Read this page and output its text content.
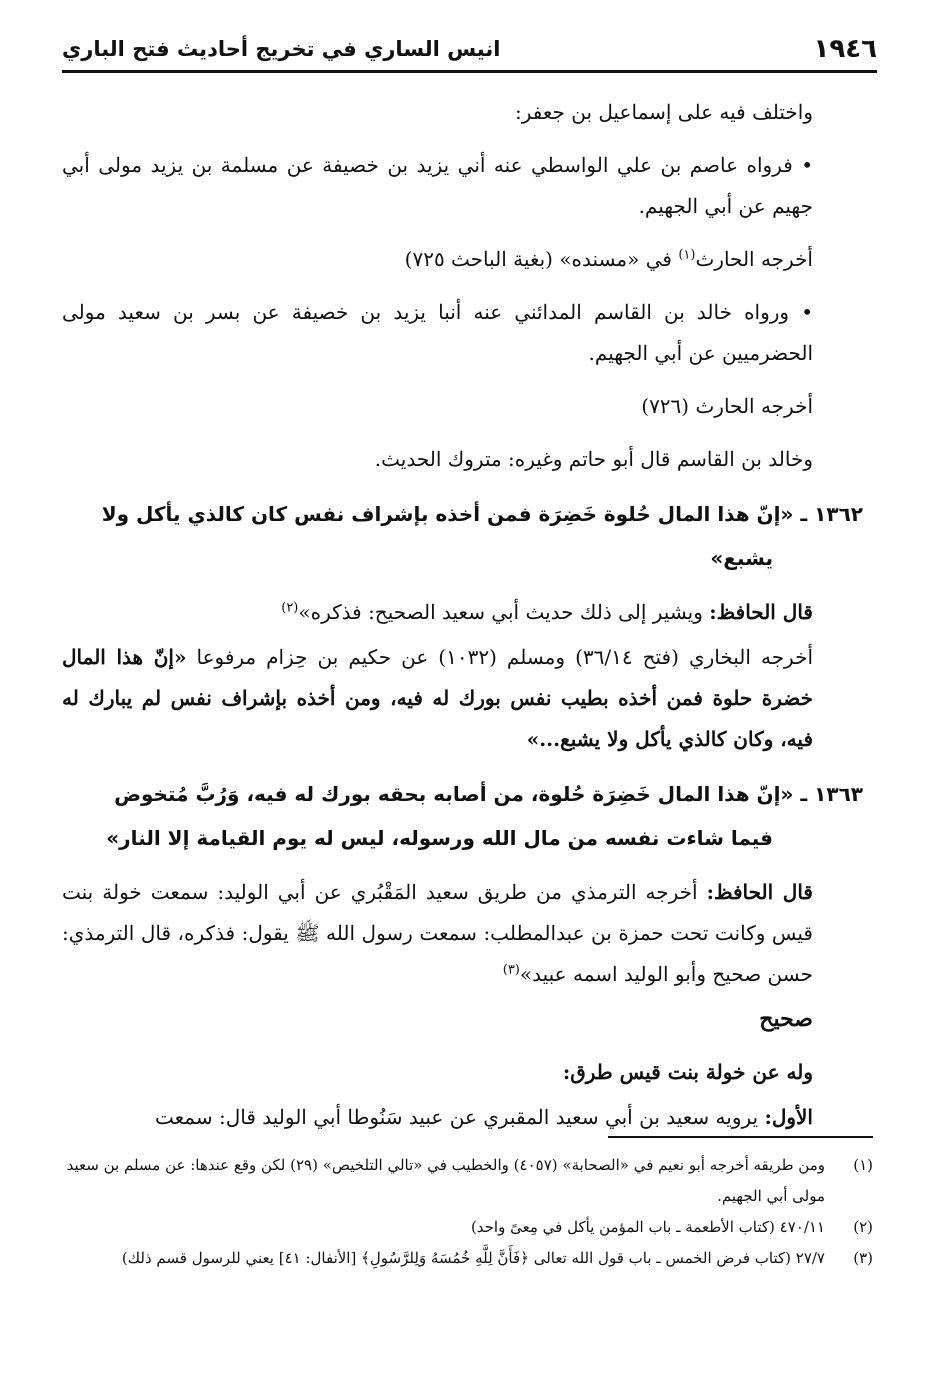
١٩٤٦
انيس الساري في تخريج أحاديث فتح الباري

واختلف فيه على إسماعيل بن جعفر:

• فرواه عاصم بن علي الواسطي عنه أني يزيد بن خصيفة عن مسلمة بن يزيد مولى أبي جهيم عن أبي الجهيم.

أخرجه الحارث$^{(١)}$ في «مسنده» (بغية الباحث ٧٢٥)

• ورواه خالد بن القاسم المدائني عنه أنبا يزيد بن خصيفة عن بسر بن سعيد مولى الحضرميين عن أبي الجهيم.

أخرجه الحارث (٧٢٦)

وخالد بن القاسم قال أبو حاتم وغيره: متروك الحديث.

١٣٦٢ ـ «إنّ هذا المال حُلوة خَضِرَة فمن أخذه بإشراف نفس كان كالذي يأكل ولا
يشبع»

قال الحافظ: ويشير إلى ذلك حديث أبي سعيد الصحيح: فذكره»$^{(٢)}$

أخرجه البخاري (فتح ٣٦/١٤) ومسلم (١٠٣٢) عن حكيم بن حِزام مرفوعا «إنّ هذا المال خضرة حلوة فمن أخذه بطيب نفس بورك له فيه، ومن أخذه بإشراف نفس لم يبارك له فيه، وكان كالذي يأكل ولا يشبع...»

١٣٦٣ ـ «إنّ هذا المال خَضِرَة حُلوة، من أصابه بحقه بورك له فيه، وَرُبَّ مُتخوض
فيما شاءت نفسه من مال الله ورسوله، ليس له يوم القيامة إلا النار»

قال الحافظ: أخرجه الترمذي من طريق سعيد المَقْبُري عن أبي الوليد: سمعت خولة بنت قيس وكانت تحت حمزة بن عبدالمطلب: سمعت رسول الله ﷺ يقول: فذكره، قال الترمذي: حسن صحيح وأبو الوليد اسمه عبيد»$^{(٣)}$

صحيح

وله عن خولة بنت قيس طرق:

الأول: يرويه سعيد بن أبي سعيد المقبري عن عبيد سَنُوطا أبي الوليد قال: سمعت

(١)
ومن طريقه أخرجه أبو نعيم في «الصحابة» (٤٠٥٧) والخطيب في «تالي التلخيص» (٢٩) لكن وقع عندها: عن مسلم بن سعيد مولى أبي الجهيم.
(٢)
٤٧٠/١١ (كتاب الأطعمة ـ باب المؤمن يأكل في مِعىً واحد)
(٣)
٢٧/٧ (كتاب فرض الخمس ـ باب قول الله تعالى ﴿فَأَنَّ لِلَّهِ خُمُسَهُ وَلِلرَّسُولِ﴾ [الأنفال: ٤١] يعني للرسول قسم ذلك)
